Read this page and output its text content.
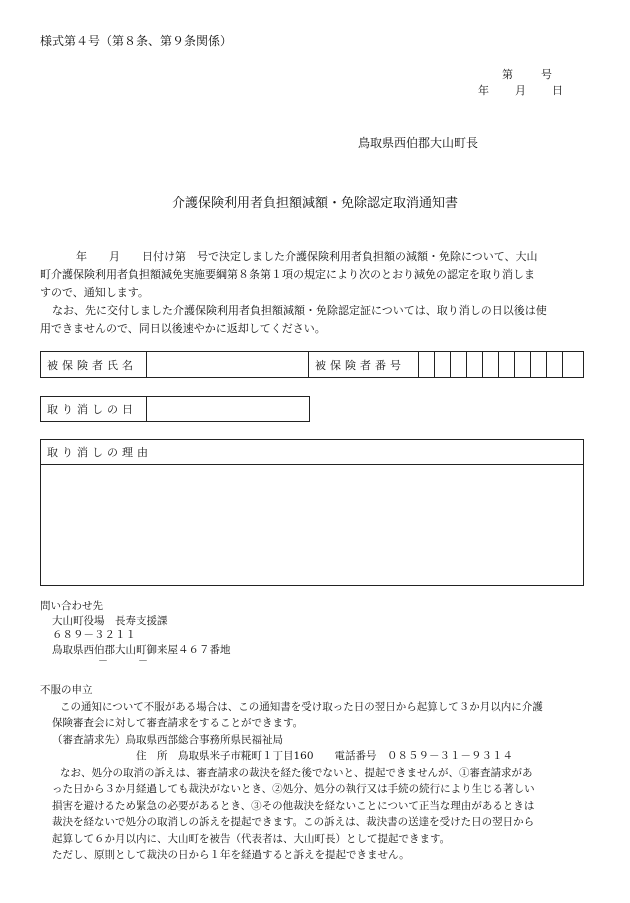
様式第４号（第８条、第９条関係）
第	号
年 月 日
鳥取県西伯郡大山町長
介護保険利用者負担額減額・免除認定取消通知書
年　　月　　日付け第　号で決定しました介護保険利用者負担額の減額・免除について、大山
町介護保険利用者負担額減免実施要綱第８条第１項の規定により次のとおり減免の認定を取り消しま
すので、通知します。
なお、先に交付しました介護保険利用者負担額減額・免除認定証については、取り消しの日以後は使
用できませんので、同日以後速やかに返却してください。
被保険者氏名	被保険者番号
取り消しの日
取り消しの理由
問い合わせ先
大山町役場　長寿支援課
６８９－３２１１
鳥取県西伯郡大山町御来屋４６７番地
－－
不服の申立
この通知について不服がある場合は、この通知書を受け取った日の翌日から起算して３か月以内に介護
保険審査会に対して審査請求をすることができます。
（審査請求先）鳥取県西部総合事務所県民福祉局
住　所　鳥取県米子市糀町１丁目160　　電話番号　０８５９－３１－９３１４
なお、処分の取消の訴えは、審査請求の裁決を経た後でないと、提起できませんが、①審査請求があ
った日から３か月経過しても裁決がないとき、②処分、処分の執行又は手続の続行により生じる著しい
損害を避けるため緊急の必要があるとき、③その他裁決を経ないことについて正当な理由があるときは
裁決を経ないで処分の取消しの訴えを提起できます。この訴えは、裁決書の送達を受けた日の翌日から
起算して６か月以内に、大山町を被告（代表者は、大山町長）として提起できます。
ただし、原則として裁決の日から１年を経過すると訴えを提起できません。
